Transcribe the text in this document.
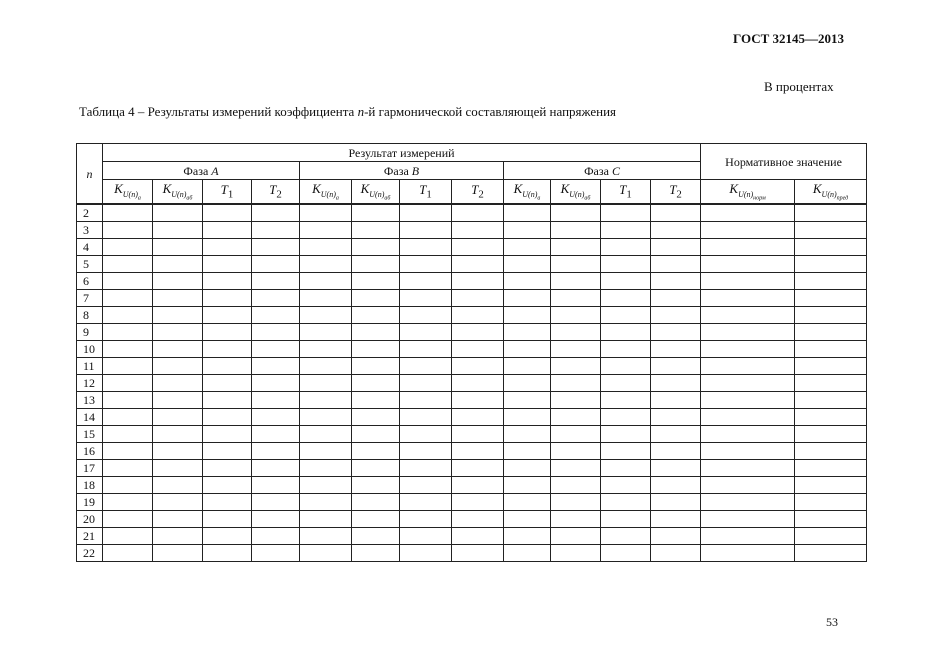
ГОСТ 32145—2013
В процентах
Таблица 4 – Результаты измерений коэффициента n-й гармонической составляющей напряжения
n	Результат измерений												Нормативное значение	
	Фаза A				Фаза B				Фаза C					
	$K_{U(n)_а}$	$K_{U(n)_{аб}}$	$T_1$	$T_2$	$K_{U(n)_а}$	$K_{U(n)_{аб}}$	$T_1$	$T_2$	$K_{U(n)_а}$	$K_{U(n)_{аб}}$	$T_1$	$T_2$	$K_{U(n)_{норм}}$	$K_{U(n)_{пред}}$
2														
3														
4														
5														
6														
7														
8														
9														
10														
11														
12														
13														
14														
15														
16														
17														
18														
19														
20														
21														
22														
53
